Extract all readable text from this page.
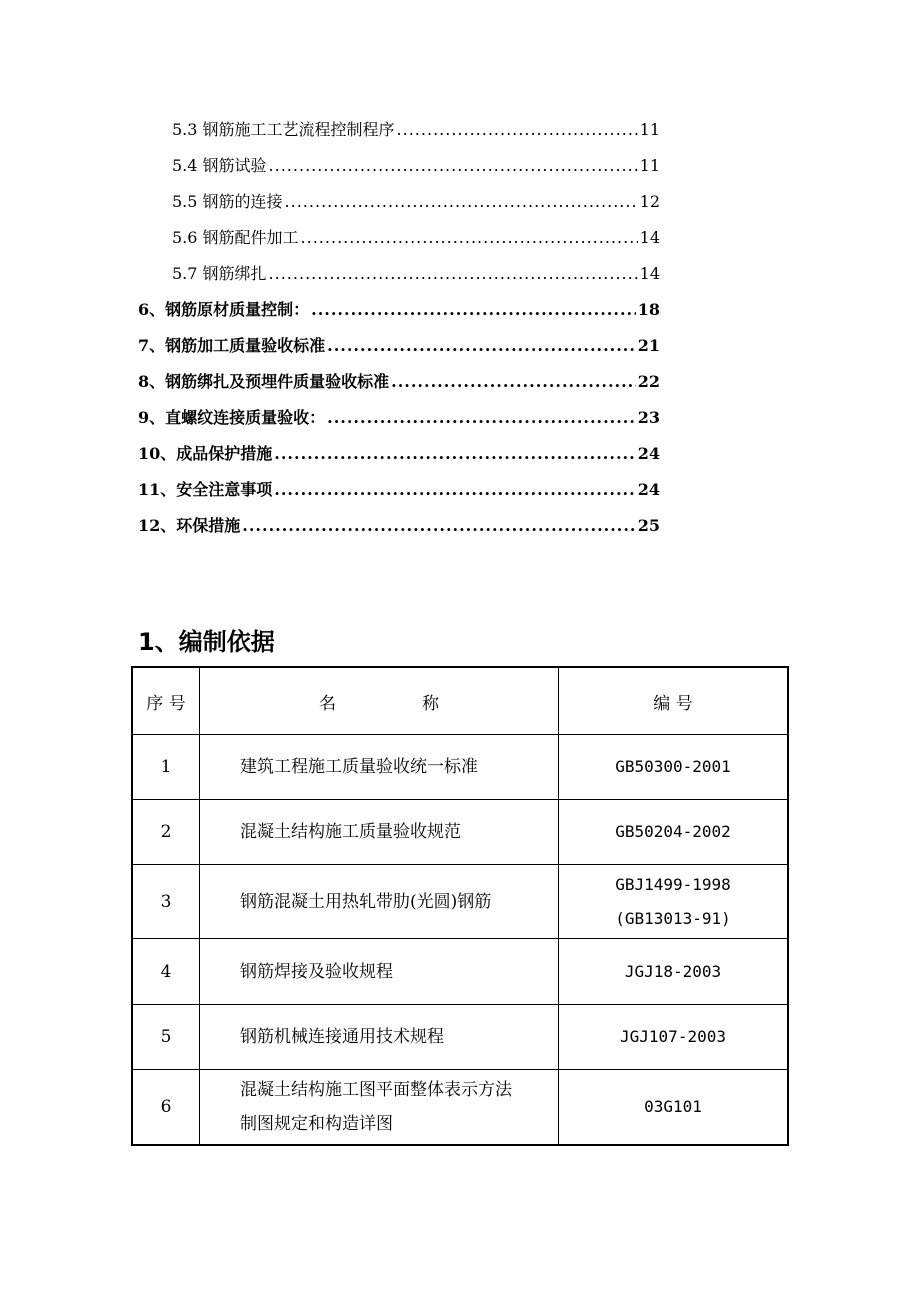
5.3 钢筋施工工艺流程控制程序 .....	11
5.4 钢筋试验 .....	11
5.5 钢筋的连接 .....	12
5.6 钢筋配件加工 .....	14
5.7 钢筋绑扎 .....	14
6、钢筋原材质量控制： .....	18
7、钢筋加工质量验收标准 .....	21
8、钢筋绑扎及预埋件质量验收标准 .....	22
9、直螺纹连接质量验收： .....	23
10、成品保护措施 .....	24
11、安全注意事项 .....	24
12、环保措施 .....	25
1、编制依据
序 号	名 称	编 号
1	建筑工程施工质量验收统一标准	GB50300-2001
2	混凝土结构施工质量验收规范	GB50204-2002
3	钢筋混凝土用热轧带肋(光圆)钢筋	GBJ1499-1998
(GB13013-91)

4	钢筋焊接及验收规程	JGJ18-2003
5	钢筋机械连接通用技术规程	JGJ107-2003
6	混凝土结构施工图平面整体表示方法
制图规定和构造详图	03G101
